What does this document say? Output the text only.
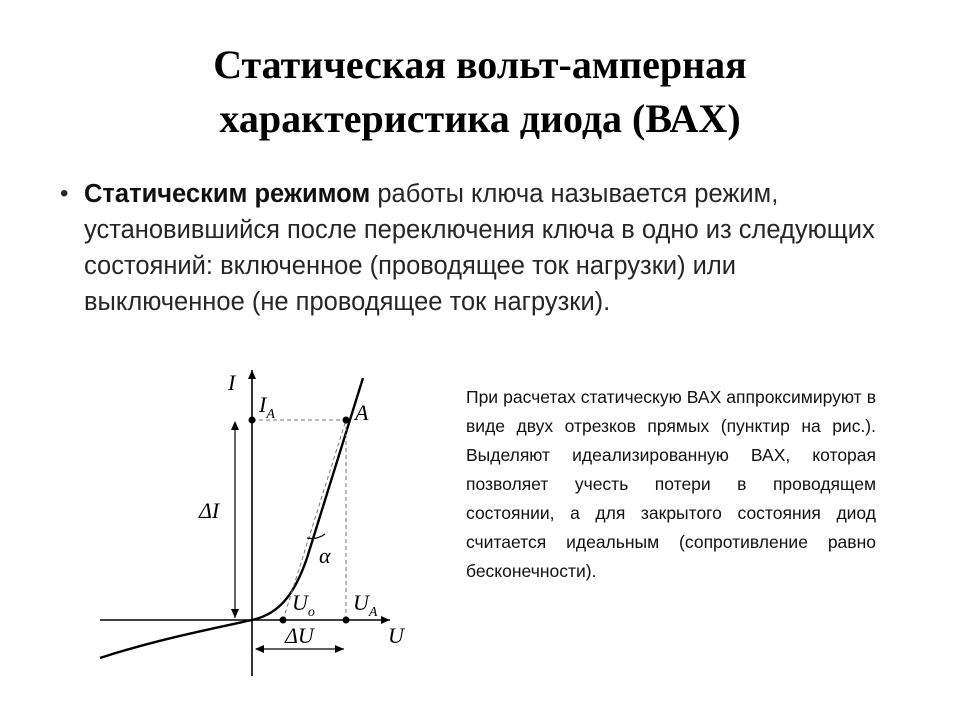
Статическая вольт-амперная
характеристика диода (ВАХ)
• Статическим режимом работы ключа называется режим, установившийся после переключения ключа в одно из следующих состояний: включенное (проводящее ток нагрузки) или выключенное (не проводящее ток нагрузки).
I
$I_A$	A
ΔI
α
$U_o$ $U_A$
U
ΔU
При расчетах статическую ВАХ аппроксимируют в виде двух отрезков прямых (пунктир на рис.). Выделяют идеализированную ВАХ, которая позволяет учесть потери в проводящем состоянии, а для закрытого состояния диод считается идеальным (сопротивление равно бесконечности).
